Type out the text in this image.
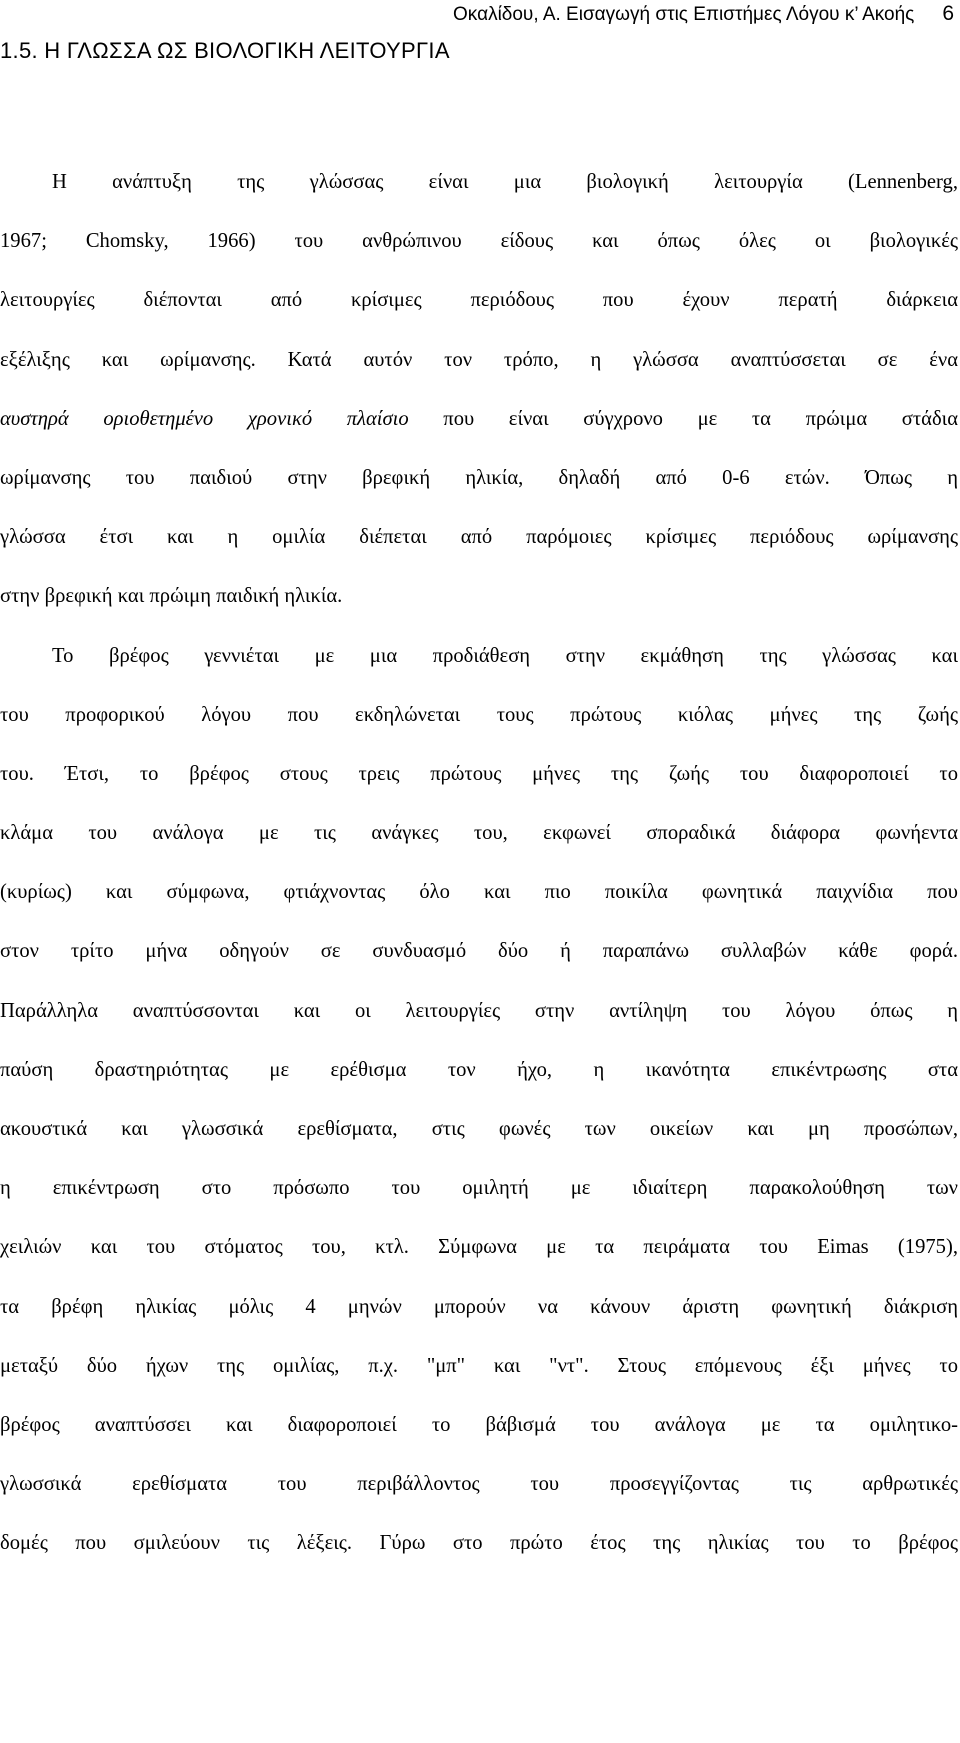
Οκαλίδου, Α. Εισαγωγή στις Επιστήμες Λόγου κ’ Ακοής 6
1.5. Η ΓΛΩΣΣΑ ΩΣ ΒΙΟΛΟΓΙΚΗ ΛΕΙΤΟΥΡΓΙΑ
Η ανάπτυξη της γλώσσας είναι μια βιολογική λειτουργία (Lennenberg,
1967; Chomsky, 1966) του ανθρώπινου είδους και όπως όλες οι βιολογικές
λειτουργίες διέπονται από κρίσιμες περιόδους που έχουν περατή διάρκεια
εξέλιξης και ωρίμανσης. Κατά αυτόν τον τρόπο, η γλώσσα αναπτύσσεται σε ένα
αυστηρά οριοθετημένο χρονικό πλαίσιο που είναι σύγχρονο με τα πρώιμα στάδια
ωρίμανσης του παιδιού στην βρεφική ηλικία, δηλαδή από 0-6 ετών. Όπως η
γλώσσα έτσι και η ομιλία διέπεται από παρόμοιες κρίσιμες περιόδους ωρίμανσης
στην βρεφική και πρώιμη παιδική ηλικία.
Το βρέφος γεννιέται με μια προδιάθεση στην εκμάθηση της γλώσσας και
του προφορικού λόγου που εκδηλώνεται τους πρώτους κιόλας μήνες της ζωής
του. Έτσι, το βρέφος στους τρεις πρώτους μήνες της ζωής του διαφοροποιεί το
κλάμα του ανάλογα με τις ανάγκες του, εκφωνεί σποραδικά διάφορα φωνήεντα
(κυρίως) και σύμφωνα, φτιάχνοντας όλο και πιο ποικίλα φωνητικά παιχνίδια που
στον τρίτο μήνα οδηγούν σε συνδυασμό δύο ή παραπάνω συλλαβών κάθε φορά.
Παράλληλα αναπτύσσονται και οι λειτουργίες στην αντίληψη του λόγου όπως η
παύση δραστηριότητας με ερέθισμα τον ήχο, η ικανότητα επικέντρωσης στα
ακουστικά και γλωσσικά ερεθίσματα, στις φωνές των οικείων και μη προσώπων,
η επικέντρωση στο πρόσωπο του ομιλητή με ιδιαίτερη παρακολούθηση των
χειλιών και του στόματος του, κτλ. Σύμφωνα με τα πειράματα του Eimas (1975),
τα βρέφη ηλικίας μόλις 4 μηνών μπορούν να κάνουν άριστη φωνητική διάκριση
μεταξύ δύο ήχων της ομιλίας, π.χ. "μπ" και "ντ". Στους επόμενους έξι μήνες το
βρέφος αναπτύσσει και διαφοροποιεί το βάβισμά του ανάλογα με τα ομιλητικο-
γλωσσικά ερεθίσματα του περιβάλλοντος του προσεγγίζοντας τις αρθρωτικές
δομές που σμιλεύουν τις λέξεις. Γύρω στο πρώτο έτος της ηλικίας του το βρέφος
